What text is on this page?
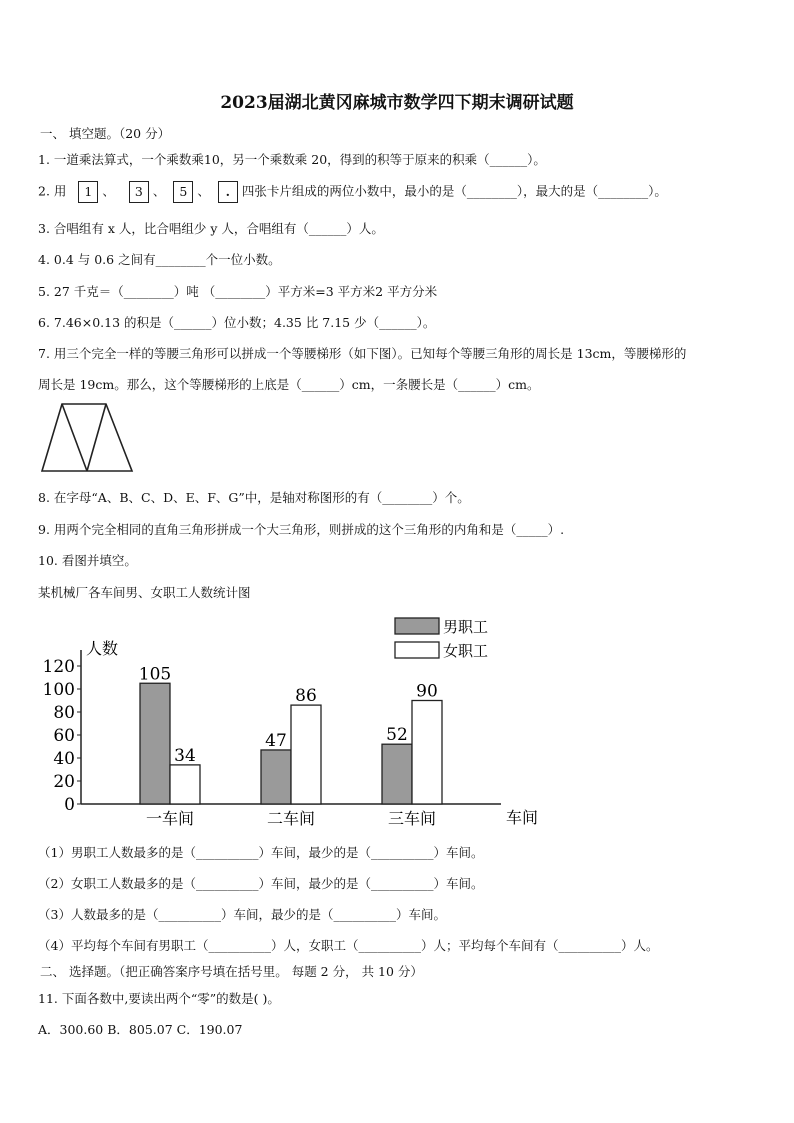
2023届湖北黄冈麻城市数学四下期末调研试题
一、 填空题。（20 分）
1. 一道乘法算式，一个乘数乘10，另一个乘数乘 20，得到的积等于原来的积乘（______）。
2. 用 1 、 3 、 5 、 . 四张卡片组成的两位小数中，最小的是（________），最大的是（________）。
3. 合唱组有 x 人，比合唱组少 y 人，合唱组有（______）人。
4. 0.4 与 0.6 之间有________个一位小数。
5. 27 千克＝（________）吨 （________）平方米=3 平方米2 平方分米
6. 7.46×0.13 的积是（______）位小数；4.35 比 7.15 少（______）。
7. 用三个完全一样的等腰三角形可以拼成一个等腰梯形（如下图）。已知每个等腰三角形的周长是 13cm，等腰梯形的
周长是 19cm。那么，这个等腰梯形的上底是（______）cm，一条腰长是（______）cm。
8. 在字母“A、B、C、D、E、F、G”中，是轴对称图形的有（________）个。
9. 用两个完全相同的直角三角形拼成一个大三角形，则拼成的这个三角形的内角和是（_____）.
10. 看图并填空。
某机械厂各车间男、女职工人数统计图
0
20
40
60
80
100
120
人数
车间
105
34
一车间
47
86
二车间
52
90
三车间
男职工
女职工
（1）男职工人数最多的是（__________）车间，最少的是（__________）车间。
（2）女职工人数最多的是（__________）车间，最少的是（__________）车间。
（3）人数最多的是（__________）车间，最少的是（__________）车间。
（4）平均每个车间有男职工（__________）人，女职工（__________）人；平均每个车间有（__________）人。
二、 选择题。（把正确答案序号填在括号里。 每题 2 分， 共 10 分）
11. 下面各数中,要读出两个“零”的数是( )。
A．300.60 B．805.07 C．190.07
